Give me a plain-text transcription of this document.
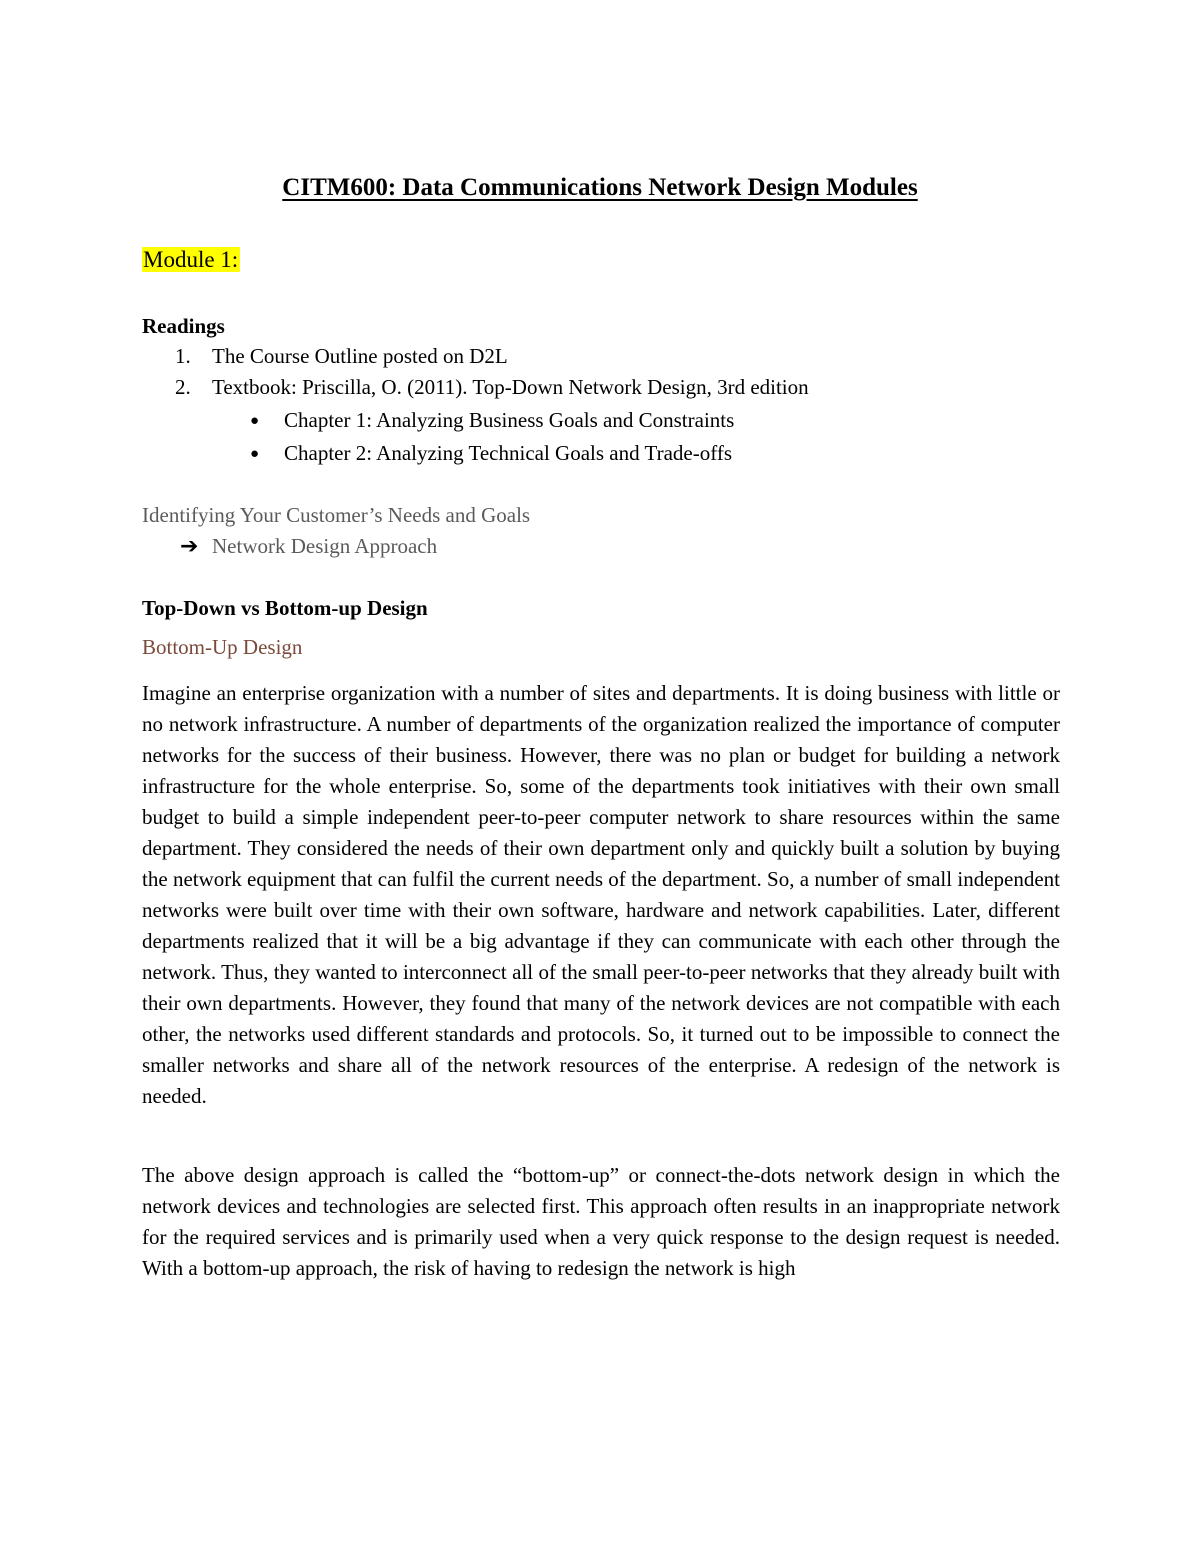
CITM600: Data Communications Network Design Modules
Module 1:
Readings
1. The Course Outline posted on D2L
2. Textbook: Priscilla, O. (2011). Top-Down Network Design, 3rd edition
● Chapter 1: Analyzing Business Goals and Constraints
● Chapter 2: Analyzing Technical Goals and Trade-offs
Identifying Your Customer’s Needs and Goals
➔ Network Design Approach
Top-Down vs Bottom-up Design
Bottom-Up Design

Imagine an enterprise organization with a number of sites and departments. It is doing business with little or no network infrastructure. A number of departments of the organization realized the importance of computer networks for the success of their business. However, there was no plan or budget for building a network infrastructure for the whole enterprise. So, some of the departments took initiatives with their own small budget to build a simple independent peer-to-peer computer network to share resources within the same department. They considered the needs of their own department only and quickly built a solution by buying the network equipment that can fulfil the current needs of the department. So, a number of small independent networks were built over time with their own software, hardware and network capabilities. Later, different departments realized that it will be a big advantage if they can communicate with each other through the network. Thus, they wanted to interconnect all of the small peer-to-peer networks that they already built with their own departments. However, they found that many of the network devices are not compatible with each other, the networks used different standards and protocols. So, it turned out to be impossible to connect the smaller networks and share all of the network resources of the enterprise. A redesign of the network is needed.

The above design approach is called the “bottom-up” or connect-the-dots network design in which the network devices and technologies are selected first. This approach often results in an inappropriate network for the required services and is primarily used when a very quick response to the design request is needed. With a bottom-up approach, the risk of having to redesign the network is high
